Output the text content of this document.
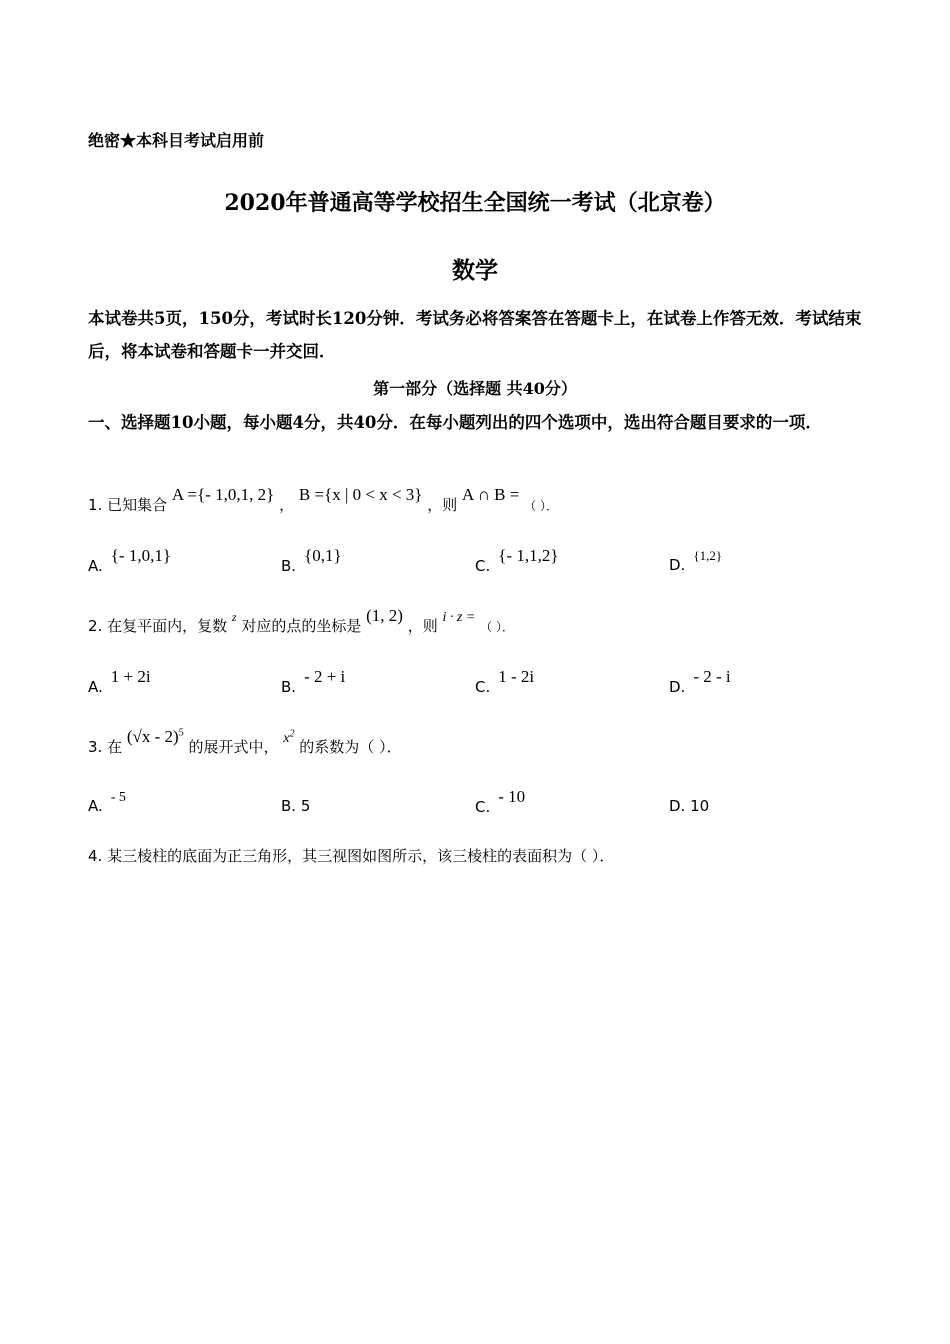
绝密★本科目考试启用前
2020年普通高等学校招生全国统一考试（北京卷）
数学
本试卷共5页，150分，考试时长120分钟．考试务必将答案答在答题卡上，在试卷上作答无效．考试结束后，将本试卷和答题卡一并交回．
第一部分（选择题 共40分）
一、选择题10小题，每小题4分，共40分．在每小题列出的四个选项中，选出符合题目要求的一项．
1. 已知集合 A ={- 1,0,1, 2} ， B ={x | 0 < x < 3} ，则 A ∩ B = （ ）．
A.{- 1,0,1}
B.{0,1}
C.{- 1,1,2}	D.{1,2}
2. 在复平面内，复数 $^z$ 对应的点的坐标是 (1, 2) ，则 i · z = （ ）．
A.1 + 2i
B.- 2 + i
C.1 - 2i
D.- 2 - i
3. 在 (√x - 2)$^5$ 的展开式中， $x^2$ 的系数为（ ）．
A. - 5	B. 5	C.- 10	D. 10
4. 某三棱柱的底面为正三角形，其三视图如图所示，该三棱柱的表面积为（ ）．
